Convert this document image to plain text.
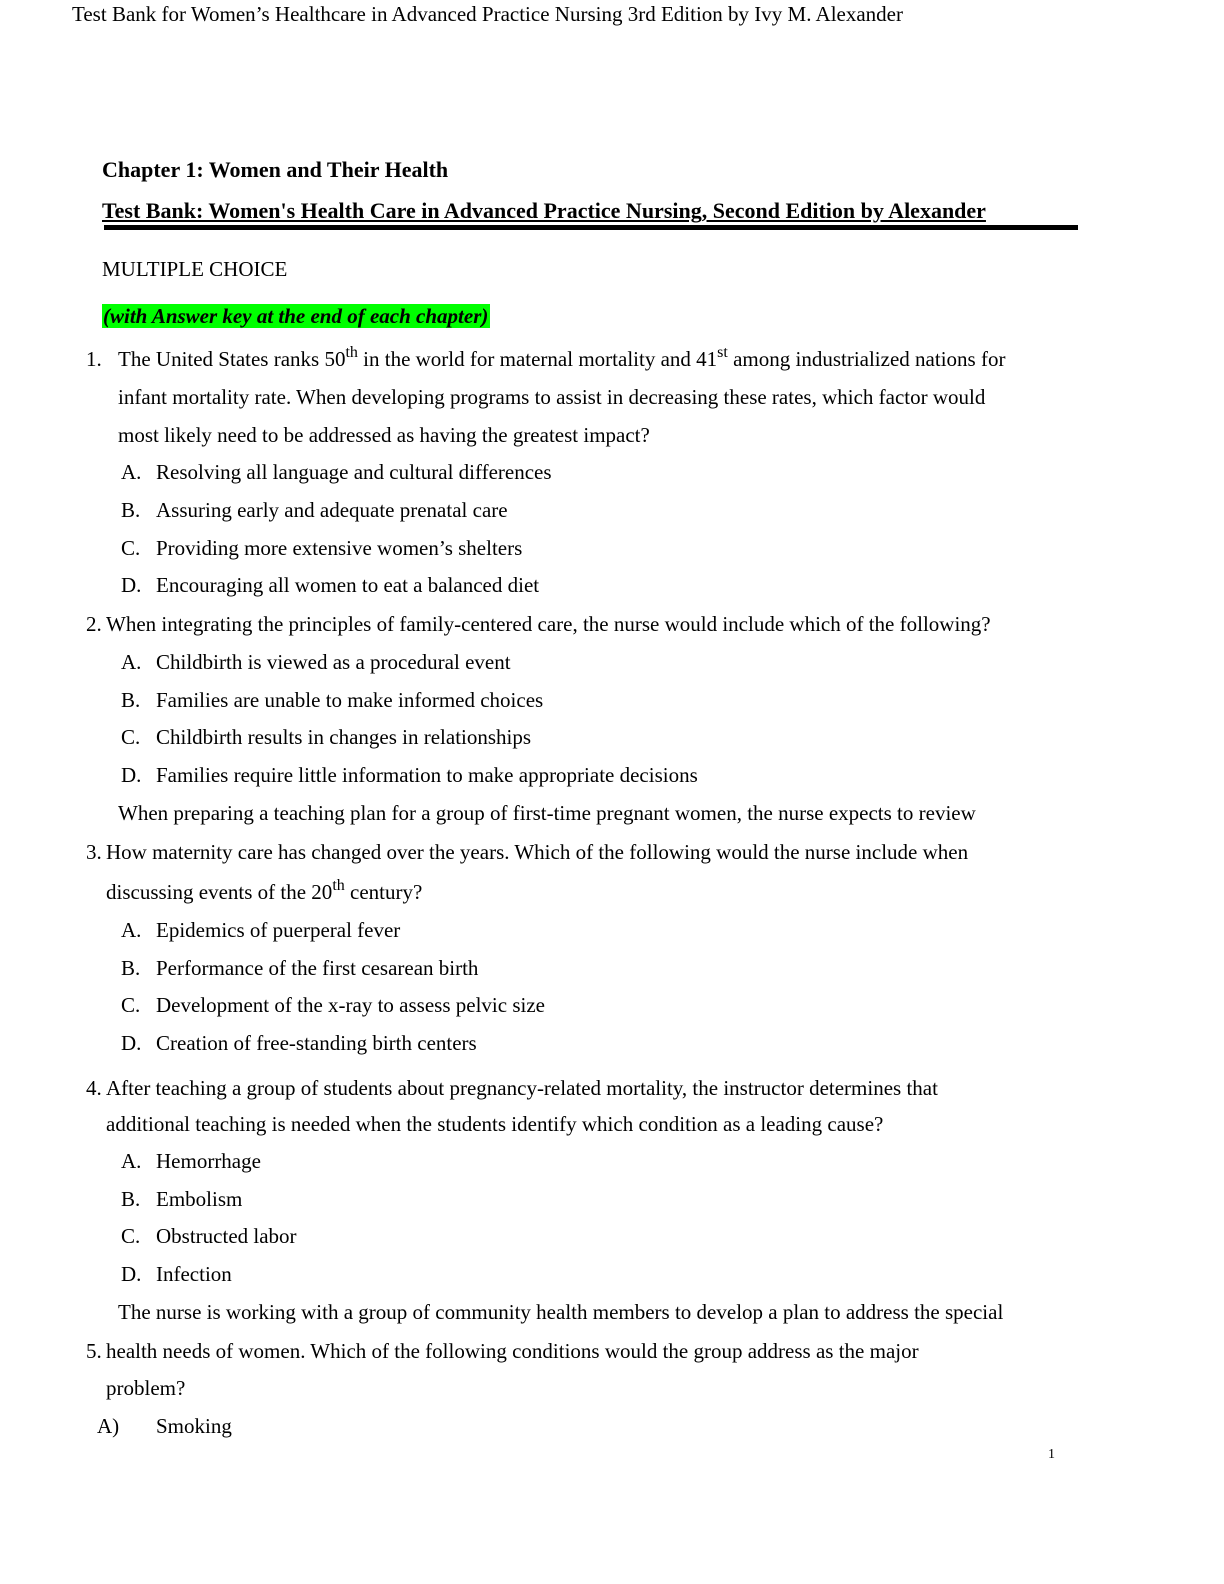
Test Bank for Women’s Healthcare in Advanced Practice Nursing 3rd Edition by Ivy M. Alexander
Chapter 1: Women and Their Health
Test Bank: Women's Health Care in Advanced Practice Nursing, Second Edition by Alexander
MULTIPLE CHOICE
(with Answer key at the end of each chapter)
1. The United States ranks 50th in the world for maternal mortality and 41st among industrialized nations for
infant mortality rate. When developing programs to assist in decreasing these rates, which factor would
most likely need to be addressed as having the greatest impact?
A. Resolving all language and cultural differences
B. Assuring early and adequate prenatal care
C. Providing more extensive women’s shelters
D. Encouraging all women to eat a balanced diet
2. When integrating the principles of family-centered care, the nurse would include which of the following?
A. Childbirth is viewed as a procedural event
B. Families are unable to make informed choices
C. Childbirth results in changes in relationships
D. Families require little information to make appropriate decisions
When preparing a teaching plan for a group of first-time pregnant women, the nurse expects to review
3. How maternity care has changed over the years. Which of the following would the nurse include when
discussing events of the 20th century?
A. Epidemics of puerperal fever
B. Performance of the first cesarean birth
C. Development of the x-ray to assess pelvic size
D. Creation of free-standing birth centers
4. After teaching a group of students about pregnancy-related mortality, the instructor determines that
additional teaching is needed when the students identify which condition as a leading cause?
A. Hemorrhage
B. Embolism
C. Obstructed labor
D. Infection
The nurse is working with a group of community health members to develop a plan to address the special
5. health needs of women. Which of the following conditions would the group address as the major
problem?
A) Smoking
1
